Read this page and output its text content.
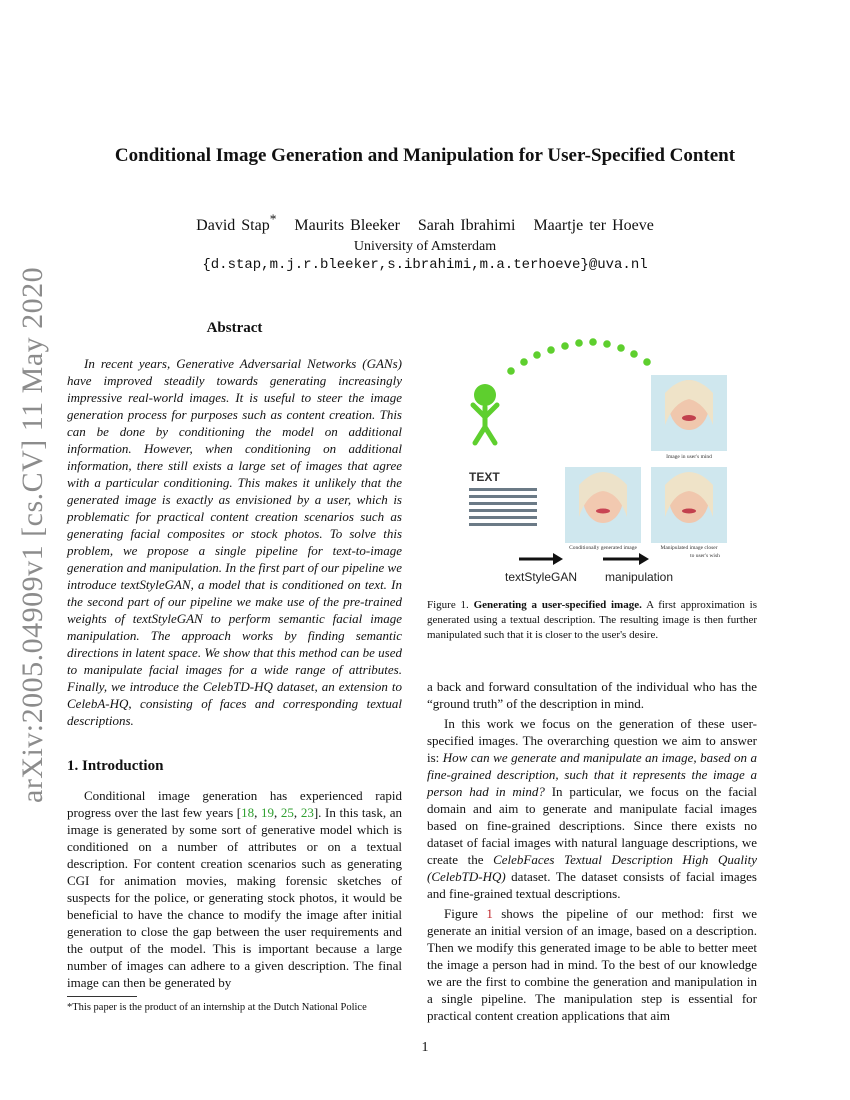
arXiv:2005.04909v1 [cs.CV] 11 May 2020
Conditional Image Generation and Manipulation for User-Specified Content
David Stap* Maurits Bleeker Sarah Ibrahimi Maartje ter Hoeve
University of Amsterdam
{d.stap,m.j.r.bleeker,s.ibrahimi,m.a.terhoeve}@uva.nl
Abstract

In recent years, Generative Adversarial Networks (GANs) have improved steadily towards generating increasingly impressive real-world images. It is useful to steer the image generation process for purposes such as content creation. This can be done by conditioning the model on additional information. However, when conditioning on additional information, there still exists a large set of images that agree with a particular conditioning. This makes it unlikely that the generated image is exactly as envisioned by a user, which is problematic for practical content creation scenarios such as generating facial composites or stock photos. To solve this problem, we propose a single pipeline for text-to-image generation and manipulation. In the first part of our pipeline we introduce textStyleGAN, a model that is conditioned on text. In the second part of our pipeline we make use of the pre-trained weights of textStyleGAN to perform semantic facial image manipulation. The approach works by finding semantic directions in latent space. We show that this method can be used to manipulate facial images for a wide range of attributes. Finally, we introduce the CelebTD-HQ dataset, an extension to CelebA-HQ, consisting of faces and corresponding textual descriptions.

1. Introduction

Conditional image generation has experienced rapid progress over the last few years [18, 19, 25, 23]. In this task, an image is generated by some sort of generative model which is conditioned on a number of attributes or on a textual description. For content creation scenarios such as generating CGI for animation movies, making forensic sketches of suspects for the police, or generating stock photos, it would be beneficial to have the chance to modify the image after initial generation to close the gap between the user requirements and the output of the model. This is important because a large number of images can adhere to a given description. The final image can then be generated by

*This paper is the product of an internship at the Dutch National Police
Image in user's mind
TEXT
Conditionally generated image	Manipulated image closer
to user's wish
textStyleGAN manipulation
Figure 1. Generating a user-specified image. A first approximation is generated using a textual description. The resulting image is then further manipulated such that it is closer to the user's desire.

a back and forward consultation of the individual who has the “ground truth” of the description in mind.

In this work we focus on the generation of these user-specified images. The overarching question we aim to answer is: How can we generate and manipulate an image, based on a fine-grained description, such that it represents the image a person had in mind? In particular, we focus on the facial domain and aim to generate and manipulate facial images based on fine-grained descriptions. Since there exists no dataset of facial images with natural language descriptions, we create the CelebFaces Textual Description High Quality (CelebTD-HQ) dataset. The dataset consists of facial images and fine-grained textual descriptions.

Figure 1 shows the pipeline of our method: first we generate an initial version of an image, based on a description. Then we modify this generated image to be able to better meet the image a person had in mind. To the best of our knowledge we are the first to combine the generation and manipulation in a single pipeline. The manipulation step is essential for practical content creation applications that aim

1
